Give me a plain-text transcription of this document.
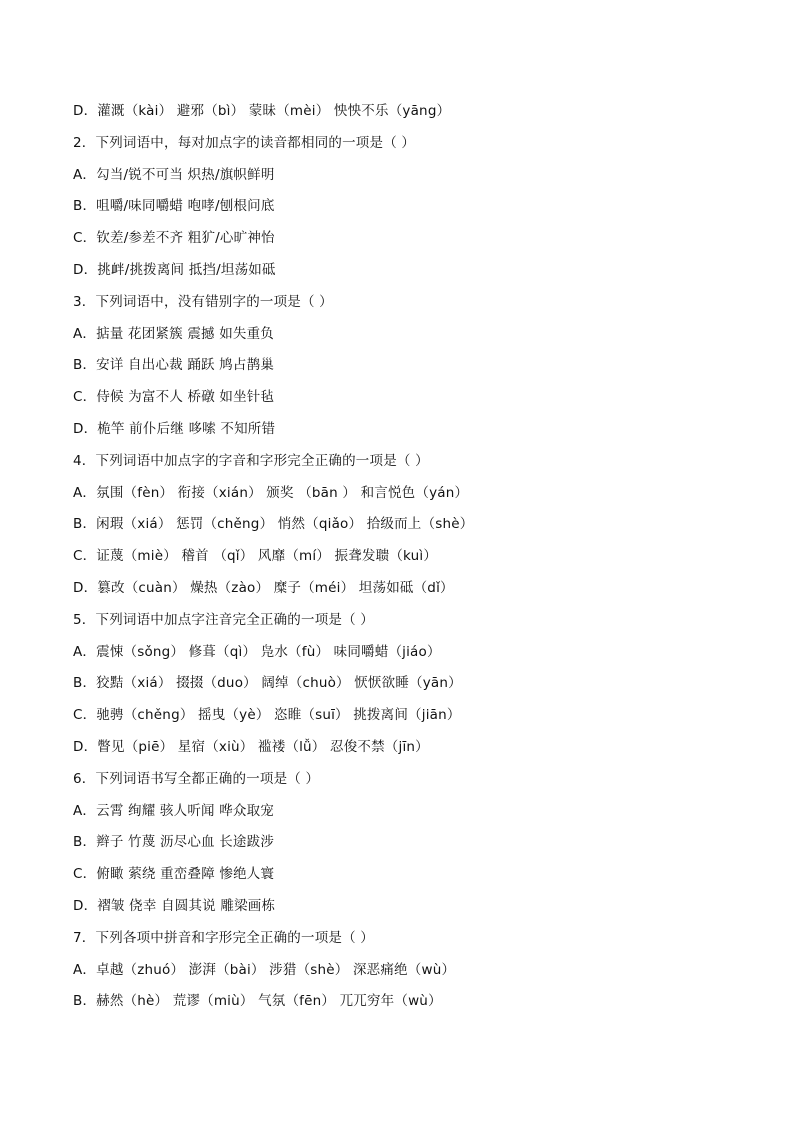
D．灌溉（kài） 避邪（bì） 蒙昧（mèi） 怏怏不乐（yāng）
2．下列词语中，每对加点字的读音都相同的一项是（ ）
A．勾当/锐不可当 炽热/旗帜鲜明
B．咀嚼/味同嚼蜡 咆哮/刨根问底
C．钦差/参差不齐 粗犷/心旷神怡
D．挑衅/挑拨离间 抵挡/坦荡如砥
3．下列词语中，没有错别字的一项是（ ）
A．掂量 花团紧簇 震撼 如失重负
B．安详 自出心裁 踊跃 鸠占鹊巢
C．侍候 为富不人 桥礅 如坐针毡
D．桅竿 前仆后继 哆嗦 不知所错
4．下列词语中加点字的字音和字形完全正确的一项是（ ）
A．氛围（fèn） 衔接（xián） 颁奖 （bān ） 和言悦色（yán）
B．闲瑕（xiá） 惩罚（chěng） 悄然（qiǎo） 拾级而上（shè）
C．证蔑（miè） 稽首 （qǐ） 风靡（mí） 振聋发聩（kuì）
D．篡改（cuàn） 燥热（zào） 糜子（méi） 坦荡如砥（dǐ）
5．下列词语中加点字注音完全正确的一项是（ ）
A．震悚（sǒng） 修葺（qì） 凫水（fù） 味同嚼蜡（jiáo）
B．狡黠（xiá） 掇掇（duo） 阔绰（chuò） 恹恹欲睡（yān）
C．驰骋（chěng） 摇曳（yè） 恣睢（suī） 挑拨离间（jiān）
D．瞥见（piē） 星宿（xiù） 褴褛（lǚ） 忍俊不禁（jīn）
6．下列词语书写全都正确的一项是（ ）
A．云霄 绚耀 骇人听闻 哗众取宠
B．辫子 竹蔑 沥尽心血 长途跋涉
C．俯瞰 萦绕 重峦叠障 惨绝人寰
D．褶皱 侥幸 自圆其说 雕梁画栋
7．下列各项中拼音和字形完全正确的一项是（ ）
A．卓越（zhuó） 澎湃（bài） 涉猎（shè） 深恶痛绝（wù）
B．赫然（hè） 荒谬（miù） 气氛（fēn） 兀兀穷年（wù）
